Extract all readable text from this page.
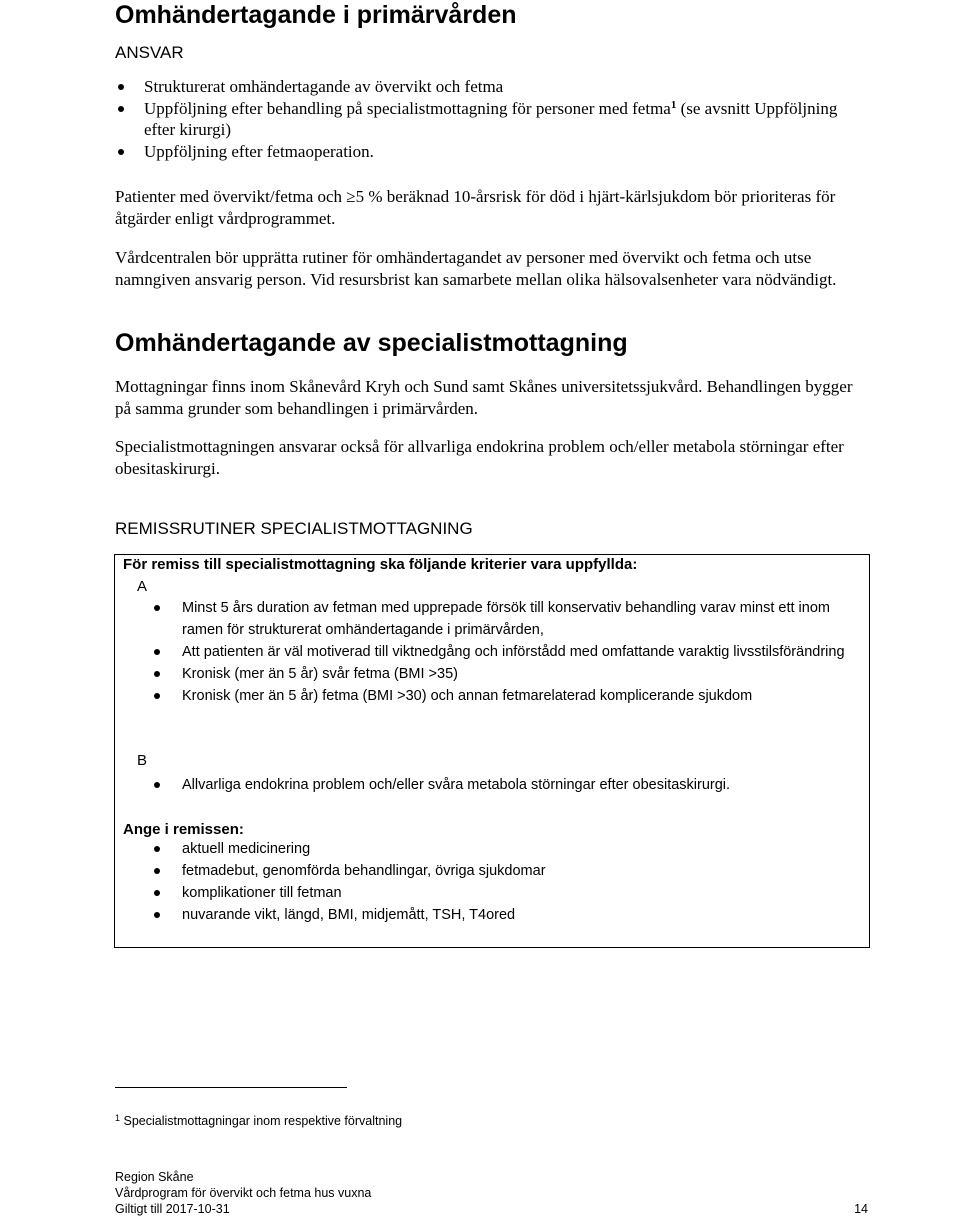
Omhändertagande i primärvården

ANSVAR

Strukturerat omhändertagande av övervikt och fetma
Uppföljning efter behandling på specialistmottagning för personer med fetma$^1$ (se avsnitt Uppföljning efter kirurgi)
Uppföljning efter fetmaoperation.

Patienter med övervikt/fetma och ≥5 % beräknad 10-årsrisk för död i hjärt-kärlsjukdom bör prioriteras för åtgärder enligt vårdprogrammet.

Vårdcentralen bör upprätta rutiner för omhändertagandet av personer med övervikt och fetma och utse namngiven ansvarig person. Vid resursbrist kan samarbete mellan olika hälsovalsenheter vara nödvändigt.

Omhändertagande av specialistmottagning

Mottagningar finns inom Skånevård Kryh och Sund samt Skånes universitetssjukvård. Behandlingen bygger på samma grunder som behandlingen i primärvården.

Specialistmottagningen ansvarar också för allvarliga endokrina problem och/eller metabola störningar efter obesitaskirurgi.

REMISSRUTINER SPECIALISTMOTTAGNING

För remiss till specialistmottagning ska följande kriterier vara uppfyllda:

A

Minst 5 års duration av fetman med upprepade försök till konservativ behandling varav minst ett inom ramen för strukturerat omhändertagande i primärvården,
Att patienten är väl motiverad till viktnedgång och införstådd med omfattande varaktig livsstilsförändring
Kronisk (mer än 5 år) svår fetma (BMI >35)
Kronisk (mer än 5 år) fetma (BMI >30) och annan fetmarelaterad komplicerande sjukdom

B

Allvarliga endokrina problem och/eller svåra metabola störningar efter obesitaskirurgi.

Ange i remissen:

aktuell medicinering
fetmadebut, genomförda behandlingar, övriga sjukdomar
komplikationer till fetman
nuvarande vikt, längd, BMI, midjemått, TSH, T4ored

$^1$ Specialistmottagningar inom respektive förvaltning

Region Skåne

Vårdprogram för övervikt och fetma hus vuxna

Giltigt till 2017-10-31	14
